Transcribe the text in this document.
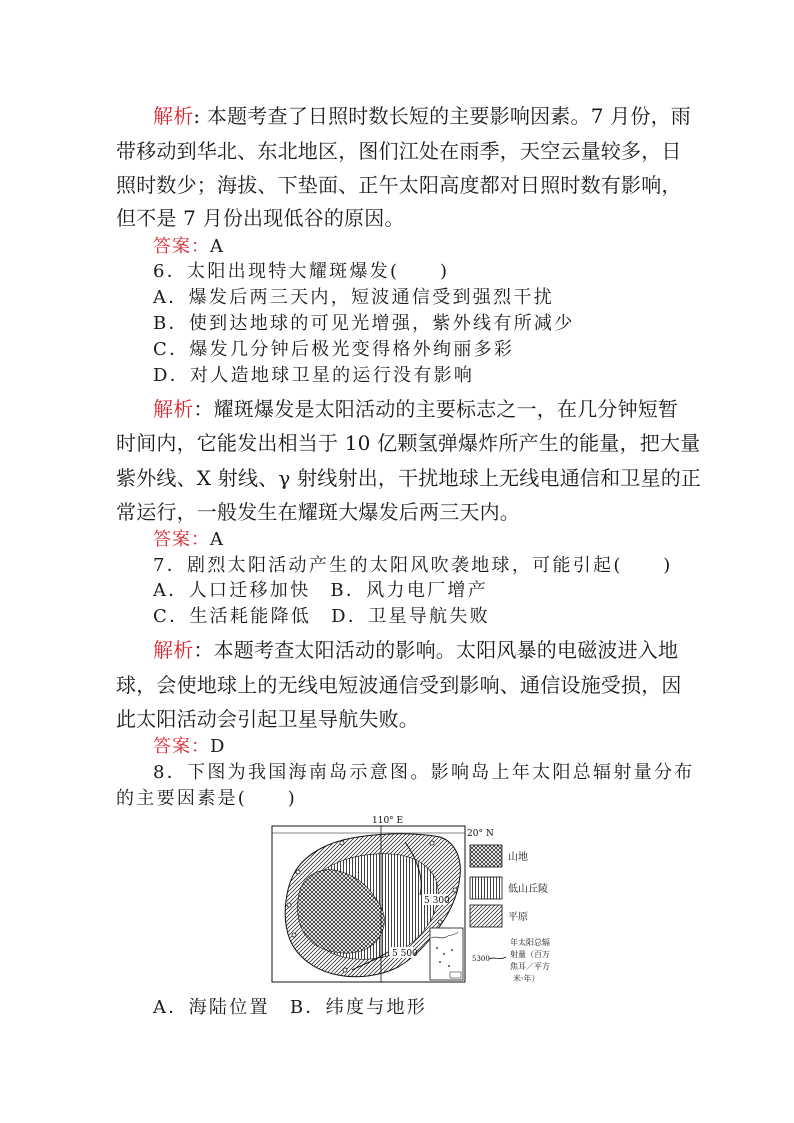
解析: 本题考查了日照时数长短的主要影响因素。7 月份，雨
带移动到华北、东北地区，图们江处在雨季，天空云量较多，日
照时数少；海拔、下垫面、正午太阳高度都对日照时数有影响，
但不是 7 月份出现低谷的原因。
答案：A
6．太阳出现特大耀斑爆发(　　)
A．爆发后两三天内，短波通信受到强烈干扰
B．使到达地球的可见光增强，紫外线有所减少
C．爆发几分钟后极光变得格外绚丽多彩
D．对人造地球卫星的运行没有影响
解析：耀斑爆发是太阳活动的主要标志之一，在几分钟短暂
时间内，它能发出相当于 10 亿颗氢弹爆炸所产生的能量，把大量
紫外线、X 射线、γ 射线射出，干扰地球上无线电通信和卫星的正
常运行，一般发生在耀斑大爆发后两三天内。
答案：A
7．剧烈太阳活动产生的太阳风吹袭地球，可能引起(　　)
A．人口迁移加快 B．风力电厂增产
C．生活耗能降低 D．卫星导航失败
解析：本题考查太阳活动的影响。太阳风暴的电磁波进入地
球，会使地球上的无线电短波通信受到影响、通信设施受损，因
此太阳活动会引起卫星导航失败。
答案：D
8．下图为我国海南岛示意图。影响岛上年太阳总辐射量分布
的主要因素是(　　)
110° E
20° N
5 300
5 500
山地
低山丘陵
平原
5300
年太阳总辐
射量（百万
焦耳／平方
米·年）
A．海陆位置 B．纬度与地形
